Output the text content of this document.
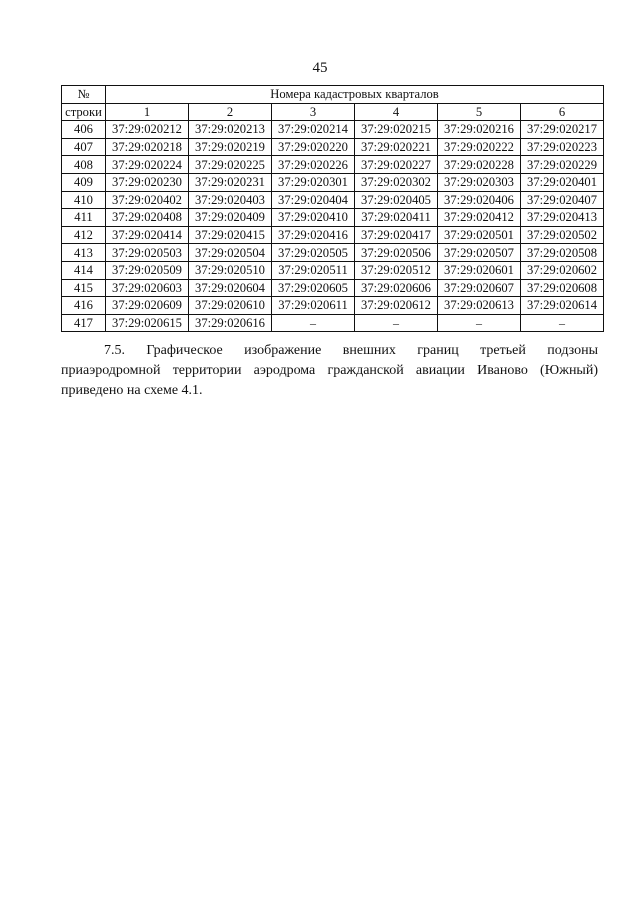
45
№	Номера кадастровых кварталов					
строки	1	2	3	4	5	6
406	37:29:020212	37:29:020213	37:29:020214	37:29:020215	37:29:020216	37:29:020217
407	37:29:020218	37:29:020219	37:29:020220	37:29:020221	37:29:020222	37:29:020223
408	37:29:020224	37:29:020225	37:29:020226	37:29:020227	37:29:020228	37:29:020229
409	37:29:020230	37:29:020231	37:29:020301	37:29:020302	37:29:020303	37:29:020401
410	37:29:020402	37:29:020403	37:29:020404	37:29:020405	37:29:020406	37:29:020407
411	37:29:020408	37:29:020409	37:29:020410	37:29:020411	37:29:020412	37:29:020413
412	37:29:020414	37:29:020415	37:29:020416	37:29:020417	37:29:020501	37:29:020502
413	37:29:020503	37:29:020504	37:29:020505	37:29:020506	37:29:020507	37:29:020508
414	37:29:020509	37:29:020510	37:29:020511	37:29:020512	37:29:020601	37:29:020602
415	37:29:020603	37:29:020604	37:29:020605	37:29:020606	37:29:020607	37:29:020608
416	37:29:020609	37:29:020610	37:29:020611	37:29:020612	37:29:020613	37:29:020614
417	37:29:020615	37:29:020616	–	–	–	–
7.5. Графическое изображение внешних границ третьей подзоны
приаэродромной территории аэродрома гражданской авиации Иваново (Южный)
приведено на схеме 4.1.
